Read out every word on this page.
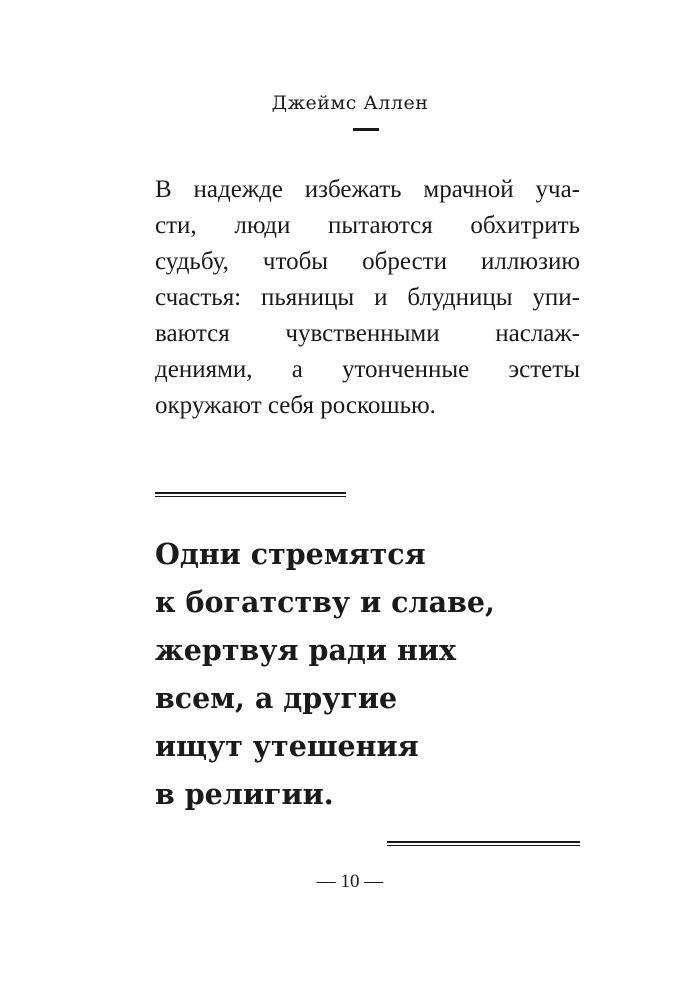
Джеймс Аллен
В надежде избежать мрачной уча-
сти, люди пытаются обхитрить
судьбу, чтобы обрести иллюзию
счастья: пьяницы и блудницы упи-
ваются чувственными наслаж-
дениями, а утонченные эстеты
окружают себя роскошью.
Одни стремятся
к богатству и славе,
жертвуя ради них
всем, а другие
ищут утешения
в религии.
— 10 —
